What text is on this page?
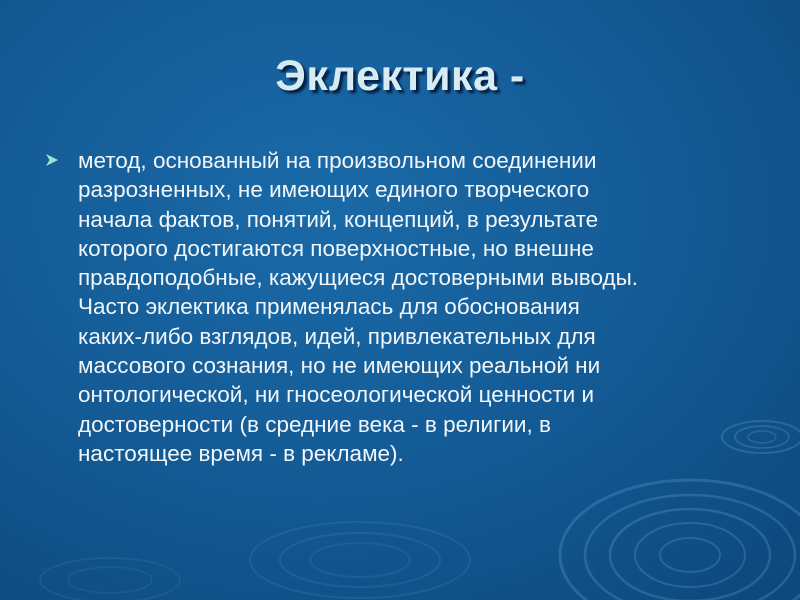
Эклектика -
метод, основанный на произвольном соединении
разрозненных, не имеющих единого творческого
начала фактов, понятий, концепций, в результате
которого достигаются поверхностные, но внешне
правдоподобные, кажущиеся достоверными выводы.
Часто эклектика применялась для обоснования
каких-либо взглядов, идей, привлекательных для
массового сознания, но не имеющих реальной ни
онтологической, ни гносеологической ценности и
достоверности (в средние века - в религии, в
настоящее время - в рекламе).
